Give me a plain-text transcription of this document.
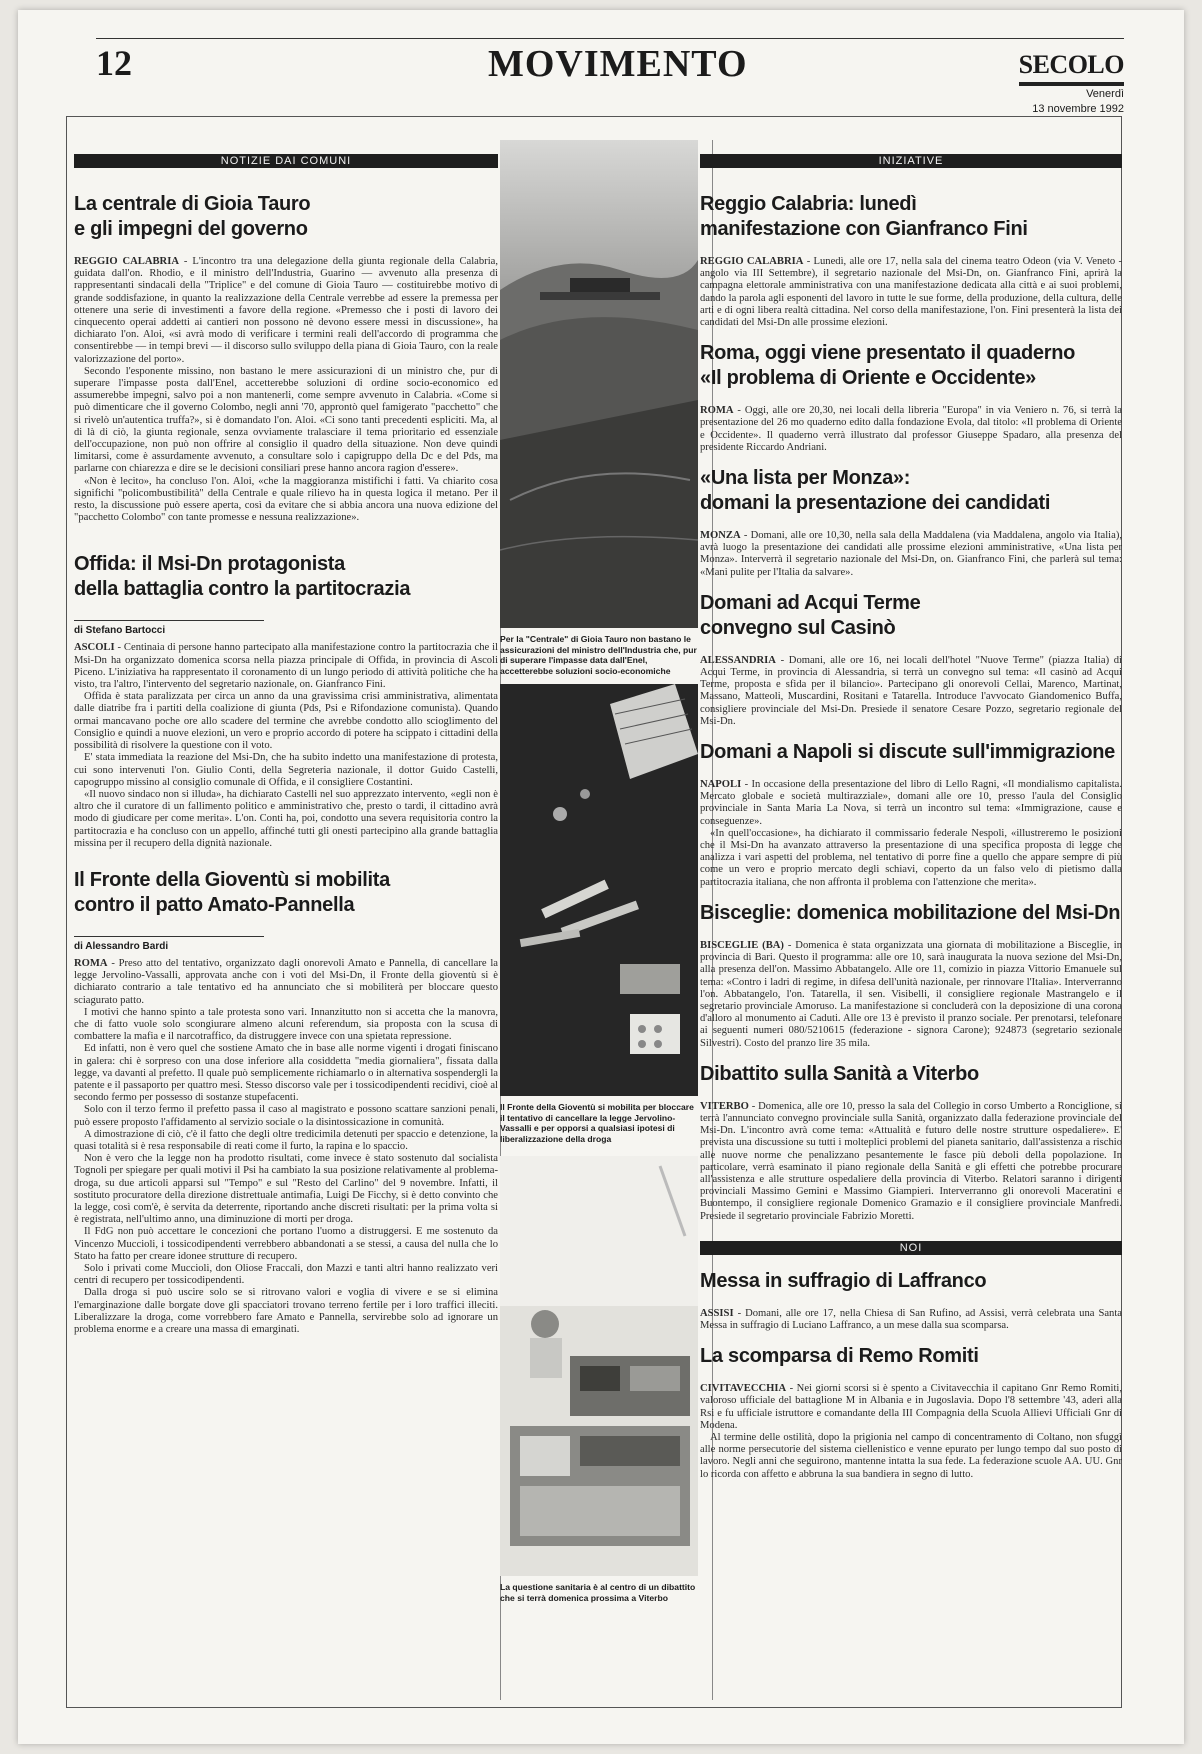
12	MOVIMENTO	SECOLO
Venerdì
13 novembre 1992
NOTIZIE DAI COMUNI
La centrale di Gioia Tauro
e gli impegni del governo

REGGIO CALABRIA - L'incontro tra una delegazione della giunta regionale della Calabria, guidata dall'on. Rhodio, e il ministro dell'Industria, Guarino — avvenuto alla presenza di rappresentanti sindacali della "Triplice" e del comune di Gioia Tauro — costituirebbe motivo di grande soddisfazione, in quanto la realizzazione della Centrale verrebbe ad essere la premessa per ottenere una serie di investimenti a favore della regione. «Premesso che i posti di lavoro dei cinquecento operai addetti ai cantieri non possono nè devono essere messi in discussione», ha dichiarato l'on. Aloi, «si avrà modo di verificare i termini reali dell'accordo di programma che consentirebbe — in tempi brevi — il discorso sullo sviluppo della piana di Gioia Tauro, con la reale valorizzazione del porto».

Secondo l'esponente missino, non bastano le mere assicurazioni di un ministro che, pur di superare l'impasse posta dall'Enel, accetterebbe soluzioni di ordine socio-economico ed assumerebbe impegni, salvo poi a non mantenerli, come sempre avvenuto in Calabria. «Come si può dimenticare che il governo Colombo, negli anni '70, approntò quel famigerato "pacchetto" che si rivelò un'autentica truffa?», si è domandato l'on. Aloi. «Ci sono tanti precedenti espliciti. Ma, al di là di ciò, la giunta regionale, senza ovviamente tralasciare il tema prioritario ed essenziale dell'occupazione, non può non offrire al consiglio il quadro della situazione. Non deve quindi limitarsi, come è assurdamente avvenuto, a consultare solo i capigruppo della Dc e del Pds, ma parlarne con chiarezza e dire se le decisioni consiliari prese hanno ancora ragion d'essere».

«Non è lecito», ha concluso l'on. Aloi, «che la maggioranza mistifichi i fatti. Va chiarito cosa significhi "policombustibilità" della Centrale e quale rilievo ha in questa logica il metano. Per il resto, la discussione può essere aperta, così da evitare che si abbia ancora una nuova edizione del "pacchetto Colombo" con tante promesse e nessuna realizzazione».

Offida: il Msi-Dn protagonista
della battaglia contro la partitocrazia
di Stefano Bartocci

ASCOLI - Centinaia di persone hanno partecipato alla manifestazione contro la partitocrazia che il Msi-Dn ha organizzato domenica scorsa nella piazza principale di Offida, in provincia di Ascoli Piceno. L'iniziativa ha rappresentato il coronamento di un lungo periodo di attività politiche che ha visto, tra l'altro, l'intervento del segretario nazionale, on. Gianfranco Fini.

Offida è stata paralizzata per circa un anno da una gravissima crisi amministrativa, alimentata dalle diatribe fra i partiti della coalizione di giunta (Pds, Psi e Rifondazione comunista). Quando ormai mancavano poche ore allo scadere del termine che avrebbe condotto allo scioglimento del Consiglio e quindi a nuove elezioni, un vero e proprio accordo di potere ha scippato i cittadini della possibilità di risolvere la questione con il voto.

E' stata immediata la reazione del Msi-Dn, che ha subito indetto una manifestazione di protesta, cui sono intervenuti l'on. Giulio Conti, della Segreteria nazionale, il dottor Guido Castelli, capogruppo missino al consiglio comunale di Offida, e il consigliere Costantini.

«Il nuovo sindaco non si illuda», ha dichiarato Castelli nel suo apprezzato intervento, «egli non è altro che il curatore di un fallimento politico e amministrativo che, presto o tardi, il cittadino avrà modo di giudicare per come merita». L'on. Conti ha, poi, condotto una severa requisitoria contro la partitocrazia e ha concluso con un appello, affinché tutti gli onesti partecipino alla grande battaglia missina per il recupero della dignità nazionale.

Il Fronte della Gioventù si mobilita
contro il patto Amato-Pannella
di Alessandro Bardi

ROMA - Preso atto del tentativo, organizzato dagli onorevoli Amato e Pannella, di cancellare la legge Jervolino-Vassalli, approvata anche con i voti del Msi-Dn, il Fronte della gioventù si è dichiarato contrario a tale tentativo ed ha annunciato che si mobiliterà per bloccare questo sciagurato patto.

I motivi che hanno spinto a tale protesta sono vari. Innanzitutto non si accetta che la manovra, che di fatto vuole solo scongiurare almeno alcuni referendum, sia proposta con la scusa di combattere la mafia e il narcotraffico, da distruggere invece con una spietata repressione.

Ed infatti, non è vero quel che sostiene Amato che in base alle norme vigenti i drogati finiscano in galera: chi è sorpreso con una dose inferiore alla cosiddetta "media giornaliera", fissata dalla legge, va davanti al prefetto. Il quale può semplicemente richiamarlo o in alternativa sospendergli la patente e il passaporto per quattro mesi. Stesso discorso vale per i tossicodipendenti recidivi, cioè al secondo fermo per possesso di sostanze stupefacenti.

Solo con il terzo fermo il prefetto passa il caso al magistrato e possono scattare sanzioni penali, può essere proposto l'affidamento al servizio sociale o la disintossicazione in comunità.

A dimostrazione di ciò, c'è il fatto che degli oltre tredicimila detenuti per spaccio e detenzione, la quasi totalità si è resa responsabile di reati come il furto, la rapina e lo spaccio.

Non è vero che la legge non ha prodotto risultati, come invece è stato sostenuto dal socialista Tognoli per spiegare per quali motivi il Psi ha cambiato la sua posizione relativamente al problema-droga, su due articoli apparsi sul "Tempo" e sul "Resto del Carlino" del 9 novembre. Infatti, il sostituto procuratore della direzione distrettuale antimafia, Luigi De Ficchy, si è detto convinto che la legge, così com'è, è servita da deterrente, riportando anche discreti risultati: per la prima volta si è registrata, nell'ultimo anno, una diminuzione di morti per droga.

Il FdG non può accettare le concezioni che portano l'uomo a distruggersi. E me sostenuto da Vincenzo Muccioli, i tossicodipendenti verrebbero abbandonati a se stessi, a causa del nulla che lo Stato ha fatto per creare idonee strutture di recupero.

Solo i privati come Muccioli, don Oliose Fraccali, don Mazzi e tanti altri hanno realizzato veri centri di recupero per tossicodipendenti.

Dalla droga si può uscire solo se si ritrovano valori e voglia di vivere e se si elimina l'emarginazione dalle borgate dove gli spacciatori trovano terreno fertile per i loro traffici illeciti. Liberalizzare la droga, come vorrebbero fare Amato e Pannella, servirebbe solo ad ignorare un problema enorme e a creare una massa di emarginati.

Per la "Centrale" di Gioia Tauro non bastano le assicurazioni del ministro dell'Industria che, pur di superare l'impasse data dall'Enel, accetterebbe soluzioni socio-economiche
Il Fronte della Gioventù si mobilita per bloccare il tentativo di cancellare la legge Jervolino-Vassalli e per opporsi a qualsiasi ipotesi di liberalizzazione della droga
La questione sanitaria è al centro di un dibattito che si terrà domenica prossima a Viterbo
INIZIATIVE
Reggio Calabria: lunedì
manifestazione con Gianfranco Fini

REGGIO CALABRIA - Lunedì, alle ore 17, nella sala del cinema teatro Odeon (via V. Veneto - angolo via III Settembre), il segretario nazionale del Msi-Dn, on. Gianfranco Fini, aprirà la campagna elettorale amministrativa con una manifestazione dedicata alla città e ai suoi problemi, dando la parola agli esponenti del lavoro in tutte le sue forme, della produzione, della cultura, delle arti e di ogni libera realtà cittadina. Nel corso della manifestazione, l'on. Fini presenterà la lista dei candidati del Msi-Dn alle prossime elezioni.

Roma, oggi viene presentato il quaderno
«Il problema di Oriente e Occidente»

ROMA - Oggi, alle ore 20,30, nei locali della libreria "Europa" in via Veniero n. 76, si terrà la presentazione del 26 mo quaderno edito dalla fondazione Evola, dal titolo: «Il problema di Oriente e Occidente». Il quaderno verrà illustrato dal professor Giuseppe Spadaro, alla presenza del presidente Riccardo Andriani.

«Una lista per Monza»:
domani la presentazione dei candidati

MONZA - Domani, alle ore 10,30, nella sala della Maddalena (via Maddalena, angolo via Italia), avrà luogo la presentazione dei candidati alle prossime elezioni amministrative, «Una lista per Monza». Interverrà il segretario nazionale del Msi-Dn, on. Gianfranco Fini, che parlerà sul tema: «Mani pulite per l'Italia da salvare».

Domani ad Acqui Terme
convegno sul Casinò

ALESSANDRIA - Domani, alle ore 16, nei locali dell'hotel "Nuove Terme" (piazza Italia) di Acqui Terme, in provincia di Alessandria, si terrà un convegno sul tema: «Il casinò ad Acqui Terme, proposta e sfida per il bilancio». Partecipano gli onorevoli Cellai, Marenco, Martinat, Massano, Matteoli, Muscardini, Rositani e Tatarella. Introduce l'avvocato Giandomenico Buffa, consigliere provinciale del Msi-Dn. Presiede il senatore Cesare Pozzo, segretario regionale del Msi-Dn.

Domani a Napoli si discute sull'immigrazione

NAPOLI - In occasione della presentazione del libro di Lello Ragni, «Il mondialismo capitalista. Mercato globale e società multirazziale», domani alle ore 10, presso l'aula del Consiglio provinciale in Santa Maria La Nova, si terrà un incontro sul tema: «Immigrazione, cause e conseguenze».

«In quell'occasione», ha dichiarato il commissario federale Nespoli, «illustreremo le posizioni che il Msi-Dn ha avanzato attraverso la presentazione di una specifica proposta di legge che analizza i vari aspetti del problema, nel tentativo di porre fine a quello che appare sempre di più come un vero e proprio mercato degli schiavi, coperto da un falso velo di pietismo dalla partitocrazia italiana, che non affronta il problema con l'attenzione che merita».

Bisceglie: domenica mobilitazione del Msi-Dn

BISCEGLIE (BA) - Domenica è stata organizzata una giornata di mobilitazione a Bisceglie, in provincia di Bari. Questo il programma: alle ore 10, sarà inaugurata la nuova sezione del Msi-Dn, alla presenza dell'on. Massimo Abbatangelo. Alle ore 11, comizio in piazza Vittorio Emanuele sul tema: «Contro i ladri di regime, in difesa dell'unità nazionale, per rinnovare l'Italia». Interverranno l'on. Abbatangelo, l'on. Tatarella, il sen. Visibelli, il consigliere regionale Mastrangelo e il segretario provinciale Amoruso. La manifestazione si concluderà con la deposizione di una corona d'alloro al monumento ai Caduti. Alle ore 13 è previsto il pranzo sociale. Per prenotarsi, telefonare ai seguenti numeri 080/5210615 (federazione - signora Carone); 924873 (segretario sezionale Silvestri). Costo del pranzo lire 35 mila.

Dibattito sulla Sanità a Viterbo

VITERBO - Domenica, alle ore 10, presso la sala del Collegio in corso Umberto a Ronciglione, si terrà l'annunciato convegno provinciale sulla Sanità, organizzato dalla federazione provinciale del Msi-Dn. L'incontro avrà come tema: «Attualità e futuro delle nostre strutture ospedaliere». E' prevista una discussione su tutti i molteplici problemi del pianeta sanitario, dall'assistenza a rischio alle nuove norme che penalizzano pesantemente le fasce più deboli della popolazione. In particolare, verrà esaminato il piano regionale della Sanità e gli effetti che potrebbe procurare all'assistenza e alle strutture ospedaliere della provincia di Viterbo. Relatori saranno i dirigenti provinciali Massimo Gemini e Massimo Giampieri. Interverranno gli onorevoli Maceratini e Buontempo, il consigliere regionale Domenico Gramazio e il consigliere provinciale Manfredi. Presiede il segretario provinciale Fabrizio Moretti.

NOI
Messa in suffragio di Laffranco

ASSISI - Domani, alle ore 17, nella Chiesa di San Rufino, ad Assisi, verrà celebrata una Santa Messa in suffragio di Luciano Laffranco, a un mese dalla sua scomparsa.

La scomparsa di Remo Romiti

CIVITAVECCHIA - Nei giorni scorsi si è spento a Civitavecchia il capitano Gnr Remo Romiti, valoroso ufficiale del battaglione M in Albania e in Jugoslavia. Dopo l'8 settembre '43, aderì alla Rsi e fu ufficiale istruttore e comandante della III Compagnia della Scuola Allievi Ufficiali Gnr di Modena.

Al termine delle ostilità, dopo la prigionia nel campo di concentramento di Coltano, non sfuggì alle norme persecutorie del sistema ciellenistico e venne epurato per lungo tempo dal suo posto di lavoro. Negli anni che seguirono, mantenne intatta la sua fede. La federazione scuole AA. UU. Gnr lo ricorda con affetto e abbruna la sua bandiera in segno di lutto.
